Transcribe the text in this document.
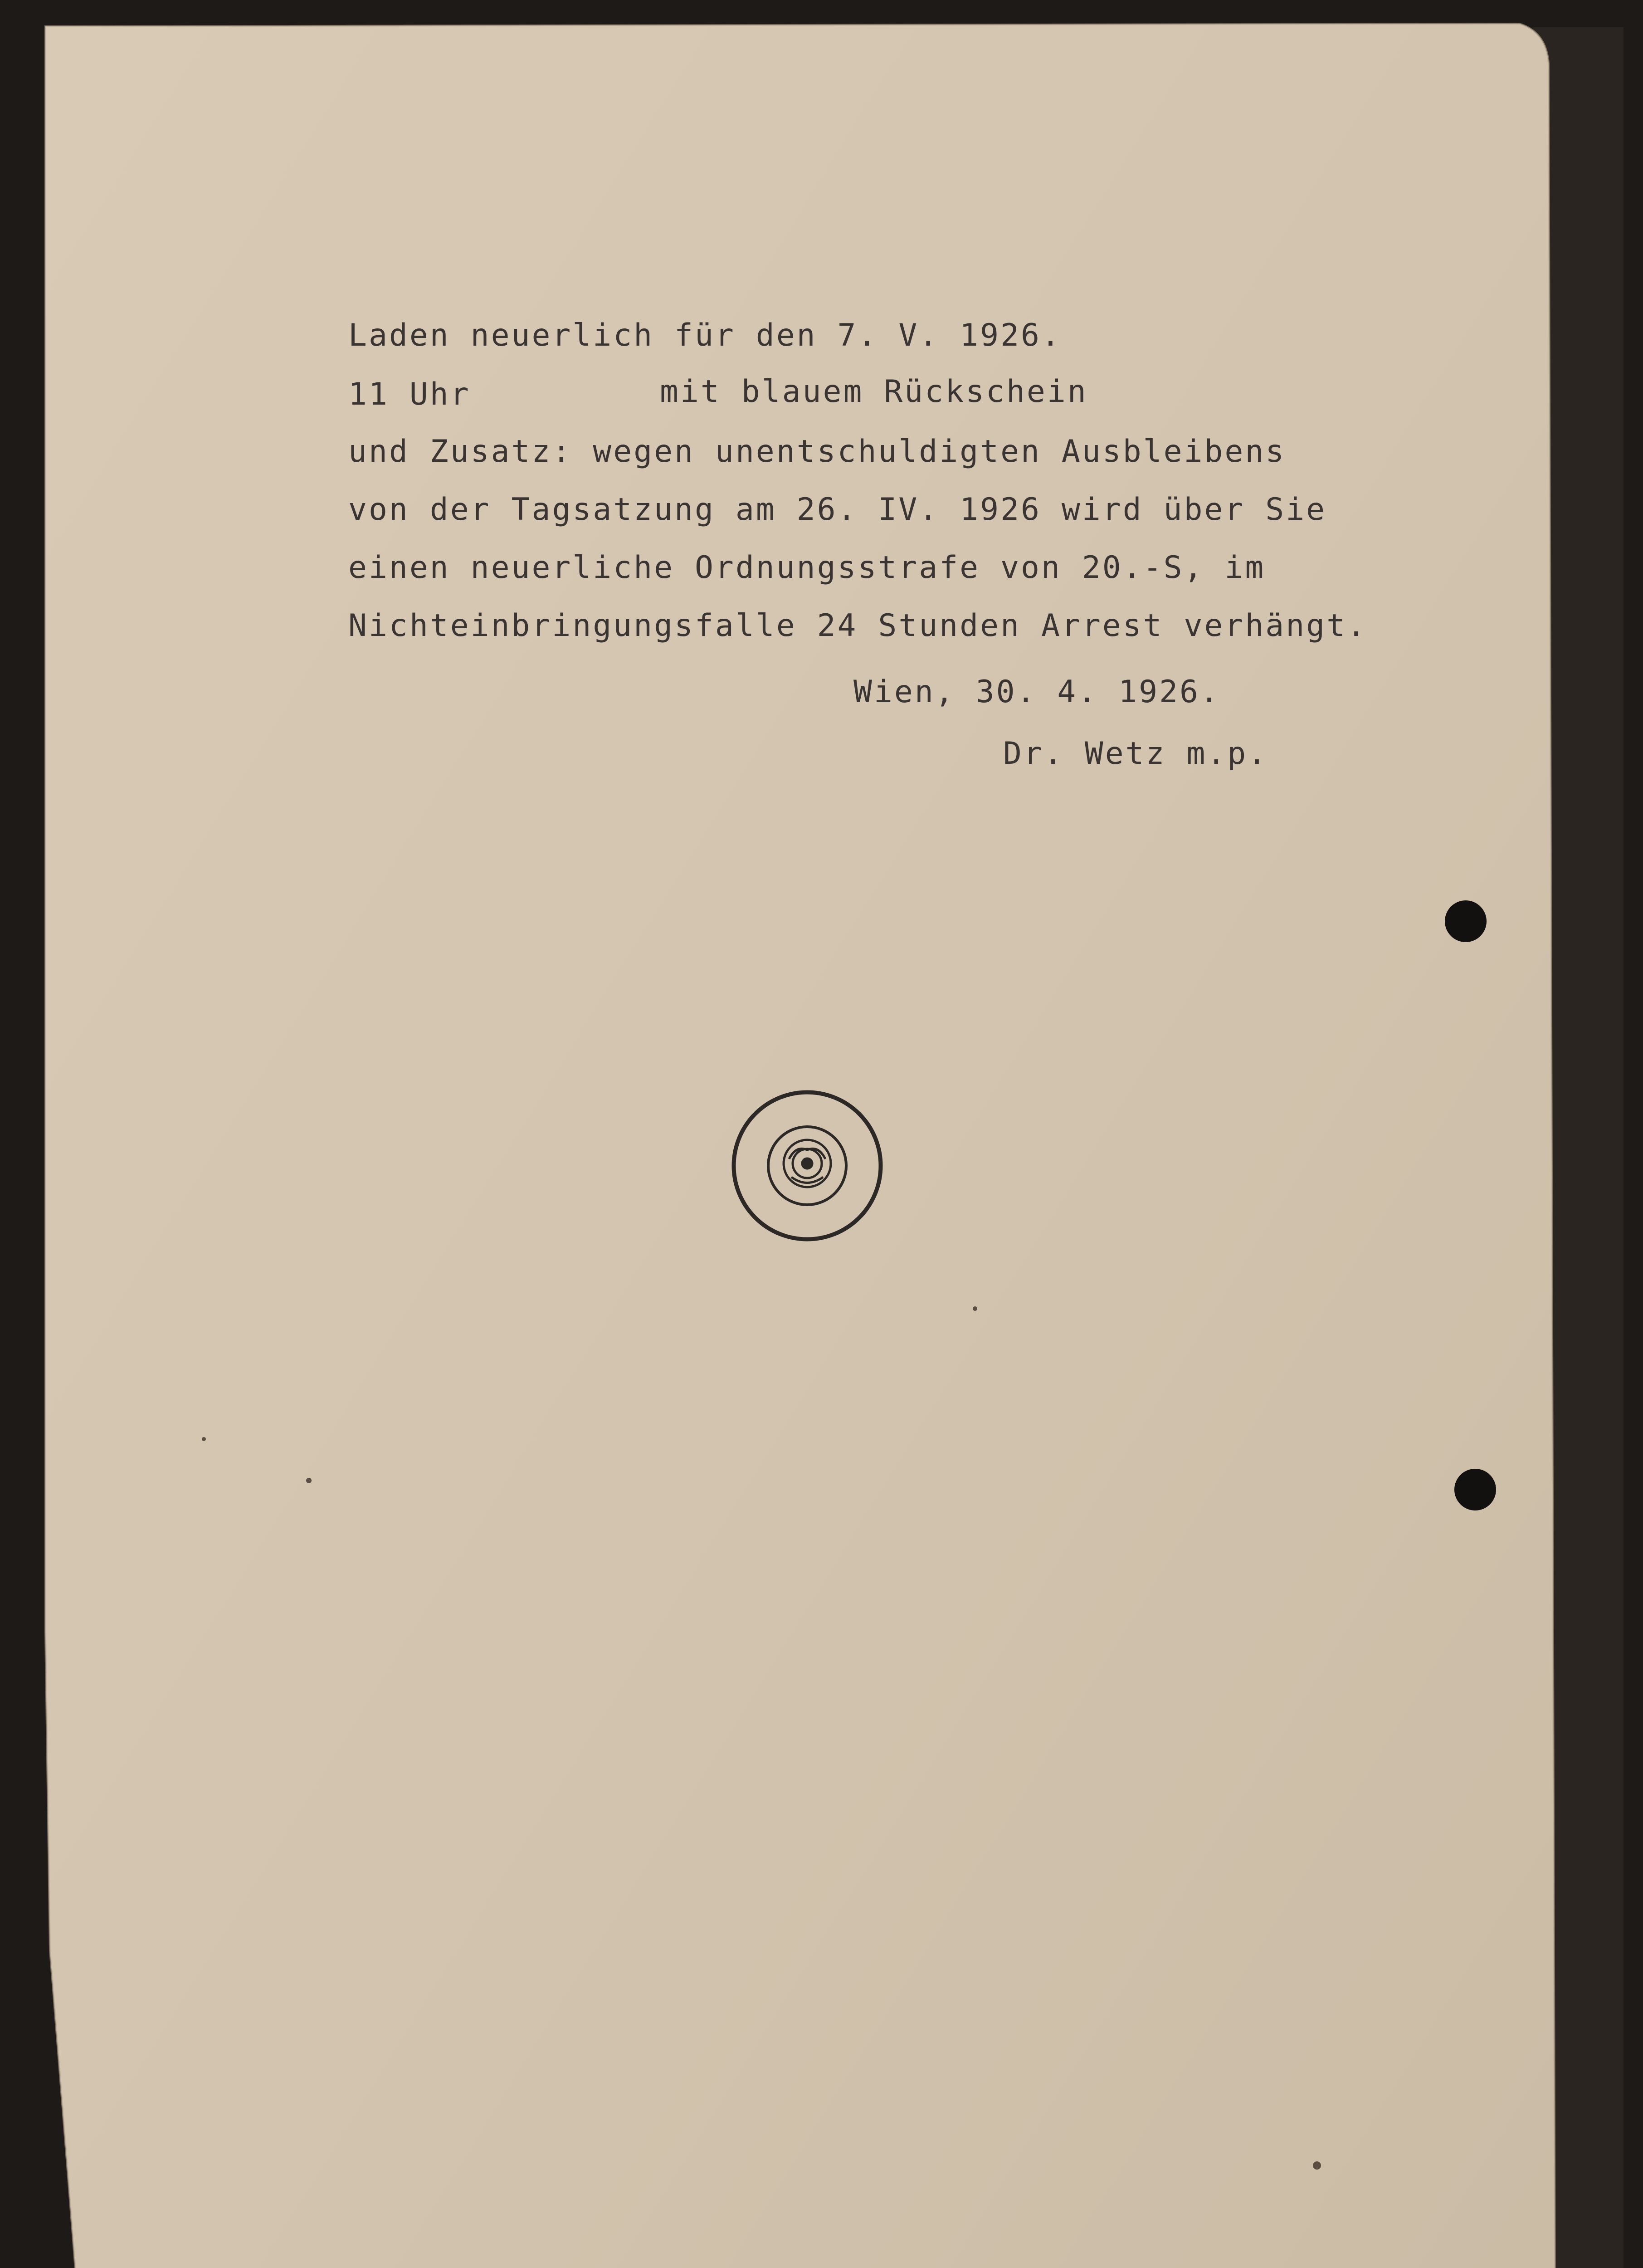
Laden neuerlich für den 7. V. 1926.
11 Uhr	mit blauem Rückschein
und Zusatz: wegen unentschuldigten Ausbleibens
von der Tagsatzung am 26. IV. 1926 wird über Sie
einen neuerliche Ordnungsstrafe von 20.-S, im
Nichteinbringungsfalle 24 Stunden Arrest verhängt.
Wien, 30. 4. 1926.
Dr. Wetz m.p.
